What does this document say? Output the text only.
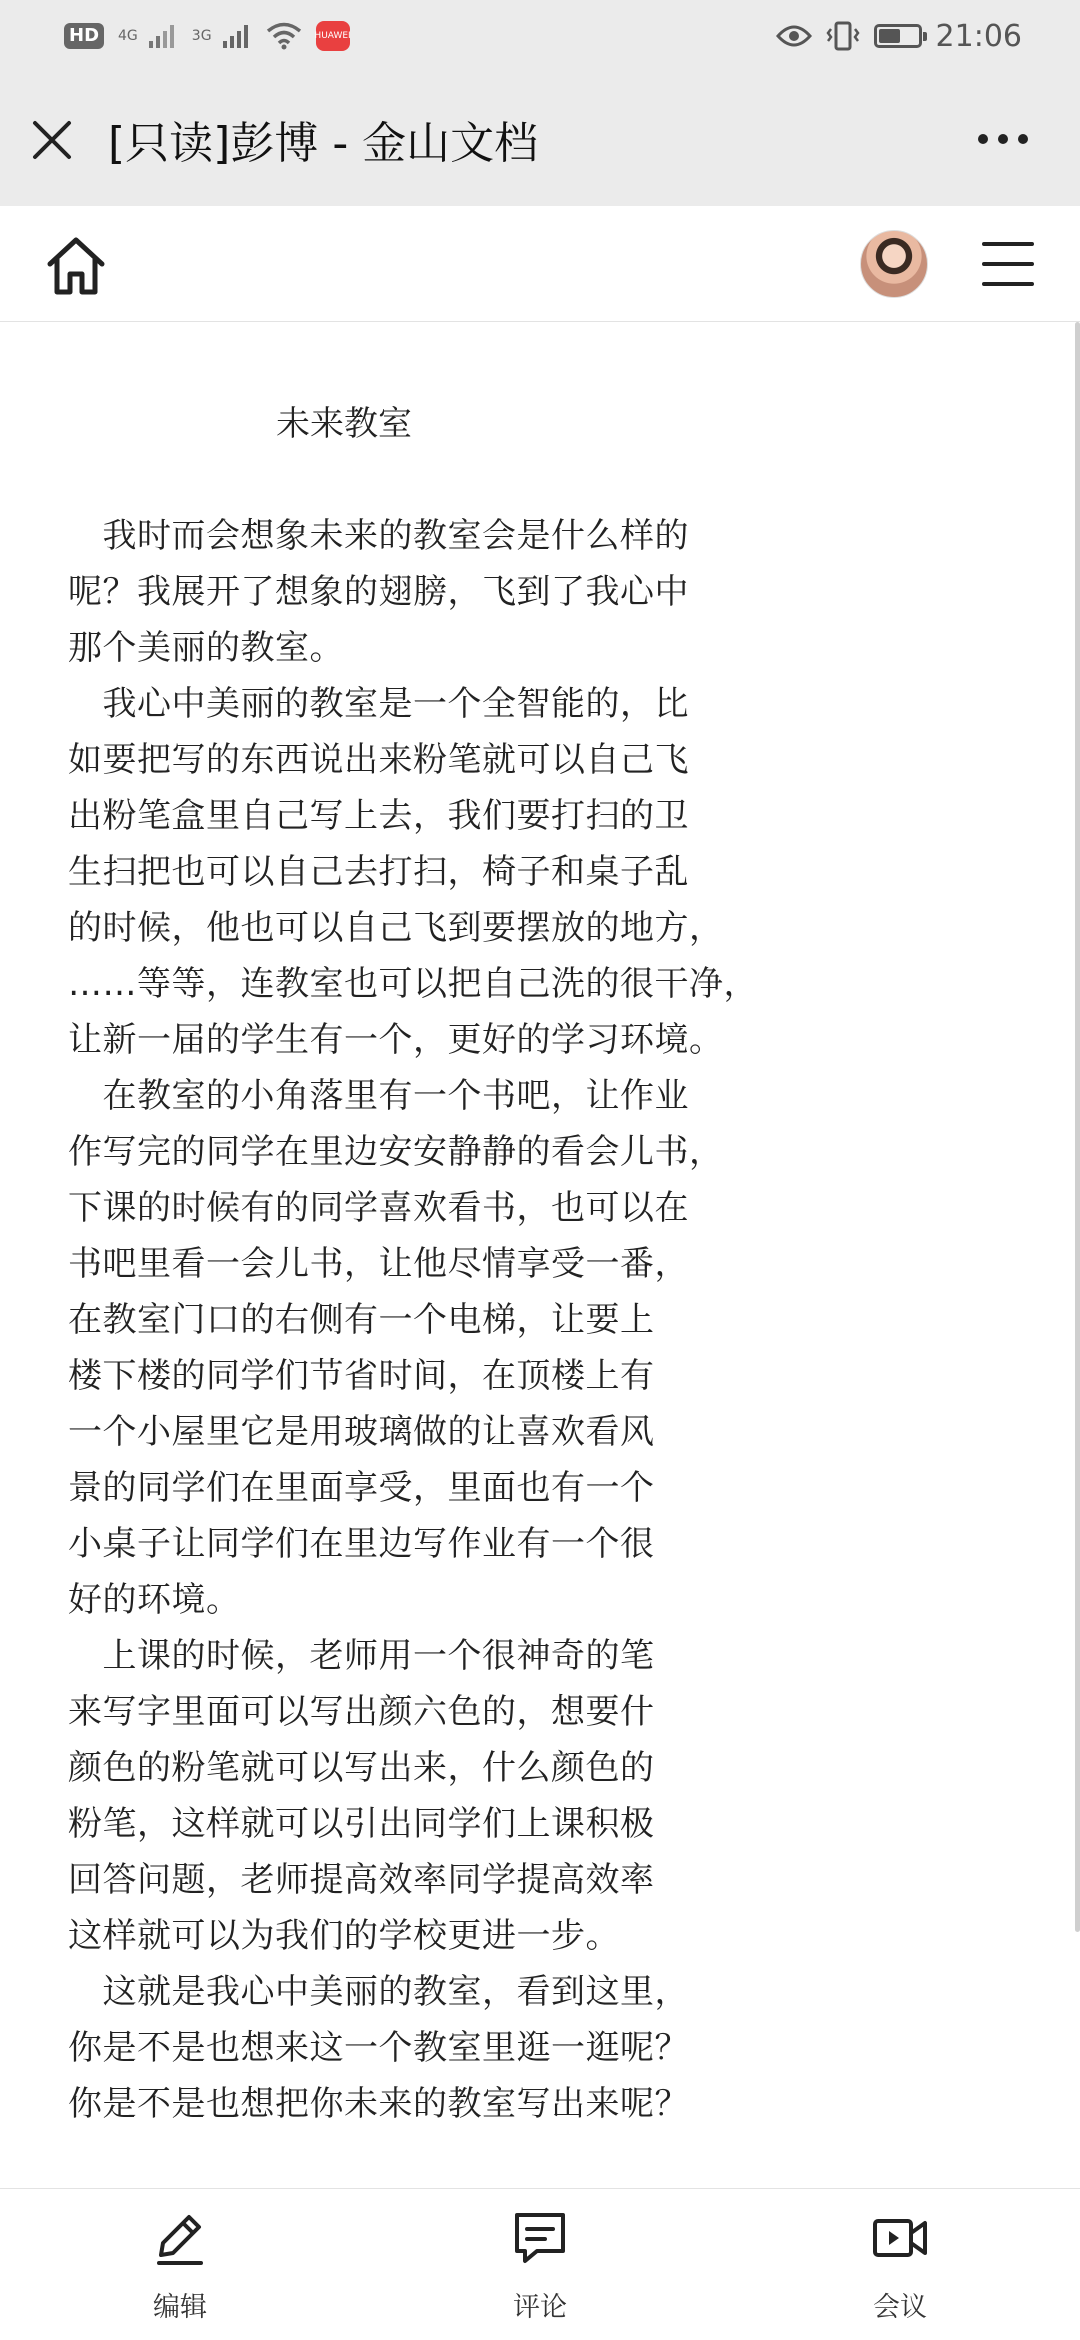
HD	4G	3G	HUAWEI	21:06
[只读]彭博 - 金山文档
未来教室
　我时而会想象未来的教室会是什么样的
呢？我展开了想象的翅膀，飞到了我心中
那个美丽的教室。
　我心中美丽的教室是一个全智能的，比
如要把写的东西说出来粉笔就可以自己飞
出粉笔盒里自己写上去，我们要打扫的卫
生扫把也可以自己去打扫，椅子和桌子乱
的时候，他也可以自己飞到要摆放的地方，
……等等，连教室也可以把自己洗的很干净，
让新一届的学生有一个，更好的学习环境。
　在教室的小角落里有一个书吧，让作业
作写完的同学在里边安安静静的看会儿书，
下课的时候有的同学喜欢看书，也可以在
书吧里看一会儿书，让他尽情享受一番，
在教室门口的右侧有一个电梯，让要上
楼下楼的同学们节省时间，在顶楼上有
一个小屋里它是用玻璃做的让喜欢看风
景的同学们在里面享受，里面也有一个
小桌子让同学们在里边写作业有一个很
好的环境。
　上课的时候，老师用一个很神奇的笔
来写字里面可以写出颜六色的，想要什
颜色的粉笔就可以写出来，什么颜色的
粉笔，这样就可以引出同学们上课积极
回答问题，老师提高效率同学提高效率
这样就可以为我们的学校更进一步。
　这就是我心中美丽的教室，看到这里，
你是不是也想来这一个教室里逛一逛呢？
你是不是也想把你未来的教室写出来呢？
编辑	评论	会议
